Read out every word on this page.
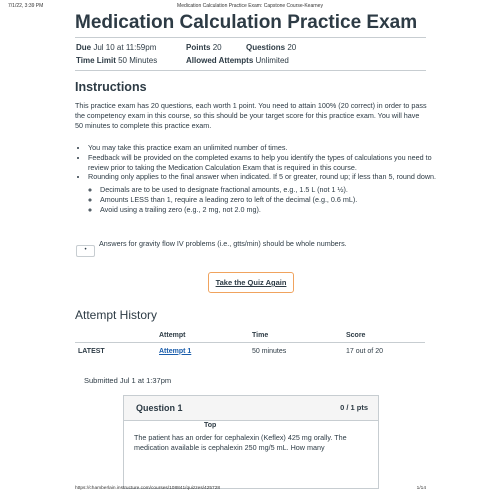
7/1/22, 3:39 PM	Medication Calculation Practice Exam: Capstone Course-Kearney
Medication Calculation Practice Exam
Due Jul 10 at 11:59pm	Points 20	Questions 20
Time Limit 50 Minutes	Allowed Attempts Unlimited
Instructions

This practice exam has 20 questions, each worth 1 point. You need to attain 100% (20 correct) in order to pass the competency exam in this course, so this should be your target score for this practice exam. You will have 50 minutes to complete this practice exam.

• You may take this practice exam an unlimited number of times.
• Feedback will be provided on the completed exams to help you identify the types of calculations you need to review prior to taking the Medication Calculation Exam that is required in this course.
• Rounding only applies to the final answer when indicated. If 5 or greater, round up; if less than 5, round down.
◦ Decimals are to be used to designate fractional amounts, e.g., 1.5 L (not 1 ½).
◦ Amounts LESS than 1, require a leading zero to left of the decimal (e.g., 0.6 mL).
◦ Avoid using a trailing zero (e.g., 2 mg, not 2.0 mg).
Answers for gravity flow IV problems (i.e., gtts/min) should be whole numbers.
•
Take the Quiz Again
Attempt History
	Attempt	Time	Score
LATEST	Attempt 1	50 minutes	17 out of 20
Submitted Jul 1 at 1:37pm
Question 1	0 / 1 pts
Top

The patient has an order for cephalexin (Keflex) 425 mg orally. The medication available is cephalexin 250 mg/5 mL. How many

https://chamberlain.instructure.com/courses/108841/quizzes/425728	1/14
